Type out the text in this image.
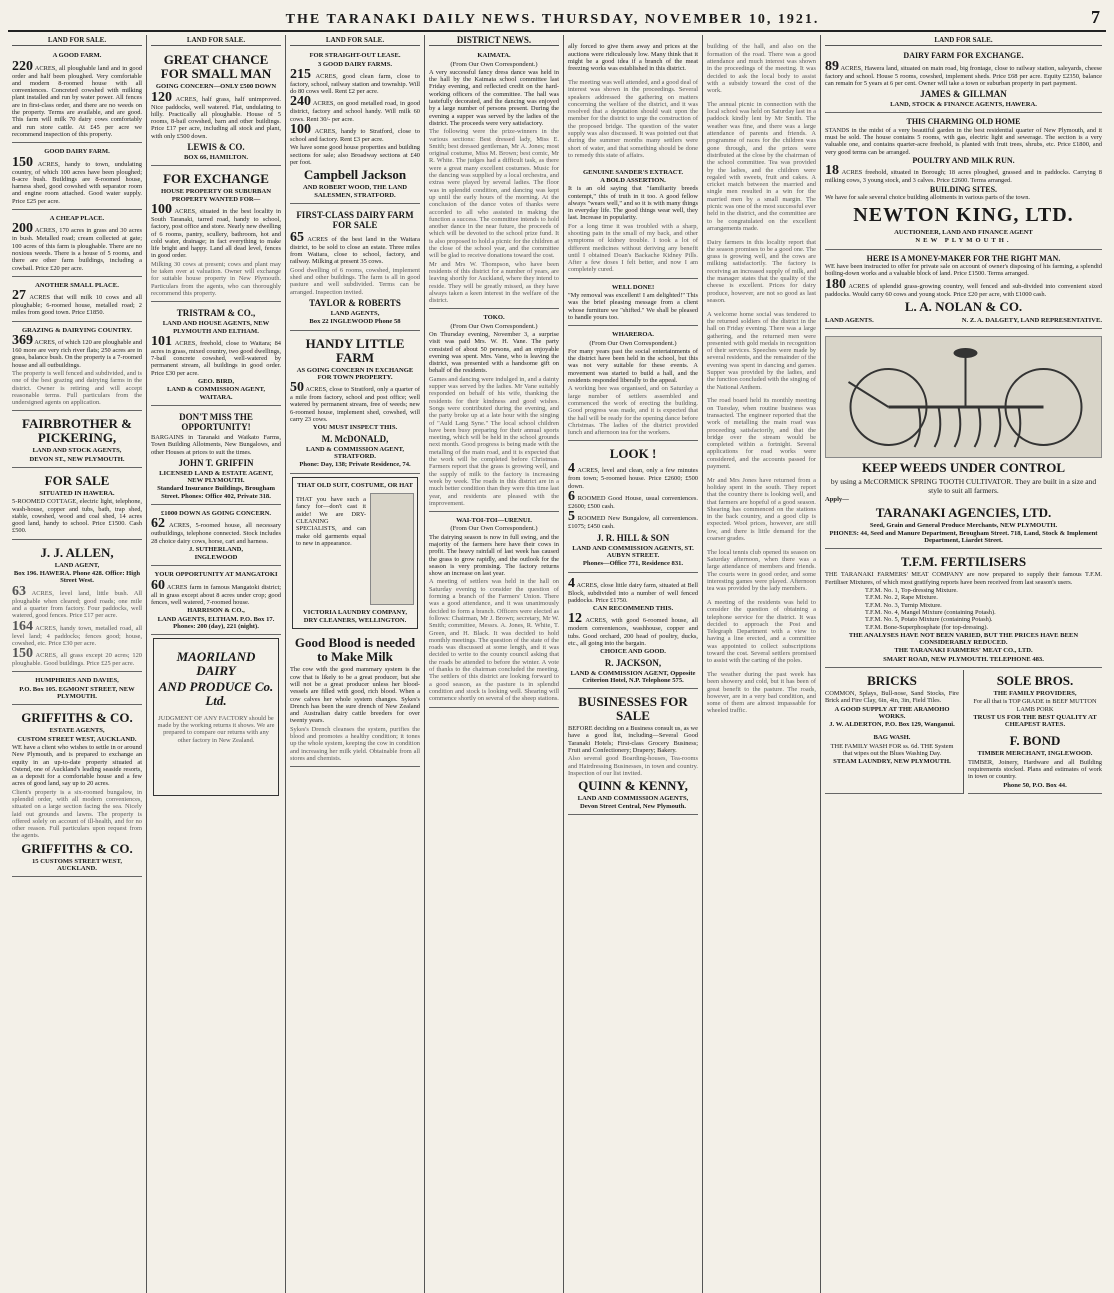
THE TARANAKI DAILY NEWS. THURSDAY, NOVEMBER 10, 1921.	7
LAND FOR SALE.
A GOOD FARM.

220 ACRES, all ploughable land and in good order and half been ploughed. Very comfortable and modern 8-roomed house with all conveniences. Concreted cowshed with milking plant installed and run by water power. All fences are in first-class order, and there are no weeds on the property. Terms are available, and are good. This farm will milk 70 dairy cows comfortably and run store cattle. At £45 per acre we recommend inspection of this property.

GOOD DAIRY FARM.

150 ACRES, handy to town, undulating country, of which 100 acres have been ploughed; 8-acre bush. Buildings are 8-roomed house, harness shed, good cowshed with separator room and engine room attached. Good water supply. Price £25 per acre.

A CHEAP PLACE.

200 ACRES, 170 acres in grass and 30 acres in bush. Metalled road; cream collected at gate; 100 acres of this farm is ploughable. There are no noxious weeds. There is a house of 5 rooms, and there are other farm buildings, including a cowbail. Price £20 per acre.

ANOTHER SMALL PLACE.

27 ACRES that will milk 10 cows and all ploughable; 6-roomed house, metalled road; 2 miles from good town. Price £1850.

GRAZING & DAIRYING COUNTRY.

369 ACRES, of which 120 are ploughable and 160 more are very rich river flats; 250 acres are in grass, balance bush. On the property is a 7-roomed house and all outbuildings.

The property is well fenced and subdivided, and is one of the best grazing and dairying farms in the district. Owner is retiring and will accept reasonable terms. Full particulars from the undersigned agents on application.

FAIRBROTHER & PICKERING,
LAND AND STOCK AGENTS,
DEVON ST., NEW PLYMOUTH.
FOR SALE
SITUATED IN HAWERA.

5-ROOMED COTTAGE, electric light, telephone, wash-house, copper and tubs, bath, trap shed, stable, cowshed, wood and coal shed, 14 acres good land, handy to school. Price £1500. Cash £500.

J. J. ALLEN,
LAND AGENT,
Box 196. HAWERA. Phone 428. Office: High Street West.

63 ACRES, level land, little bush. All ploughable when cleared; good roads; one mile and a quarter from factory. Four paddocks, well watered, good fences. Price £17 per acre.

164 ACRES, handy town, metalled road, all level land; 4 paddocks; fences good; house, cowshed, etc. Price £30 per acre.

150 ACRES, all grass except 20 acres; 120 ploughable. Good buildings. Price £25 per acre.

HUMPHRIES AND DAVIES,
P.O. Box 105. EGMONT STREET, NEW PLYMOUTH.
GRIFFITHS & CO.
ESTATE AGENTS,
CUSTOM STREET WEST, AUCKLAND.

WE have a client who wishes to settle in or around New Plymouth, and is prepared to exchange an equity in an up-to-date property situated at Ostend, one of Auckland's leading seaside resorts, as a deposit for a comfortable house and a few acres of good land, say up to 20 acres.

Client's property is a six-roomed bungalow, in splendid order, with all modern conveniences, situated on a large section facing the sea. Nicely laid out grounds and lawns. The property is offered solely on account of ill-health, and for no other reason. Full particulars upon request from the agents.

GRIFFITHS & CO.
15 CUSTOMS STREET WEST, AUCKLAND.
LAND FOR SALE.
GREAT CHANCE FOR SMALL MAN
GOING CONCERN—ONLY £500 DOWN

120 ACRES, half grass, half unimproved. Nice paddocks, well watered. Flat, undulating to hilly. Practically all ploughable. House of 5 rooms, 8-bail cowshed, barn and other buildings. Price £17 per acre, including all stock and plant, with only £500 down.

LEWIS & CO.
BOX 66, HAMILTON.
FOR EXCHANGE
HOUSE PROPERTY OR SUBURBAN PROPERTY WANTED FOR—

100 ACRES, situated in the best locality in South Taranaki, tarred road, handy to school, factory, post office and store. Nearly new dwelling of 6 rooms, pantry, scullery, bathroom, hot and cold water, drainage; in fact everything to make life bright and happy. Land all dead level, fences in good order.

Milking 30 cows at present; cows and plant may be taken over at valuation. Owner will exchange for suitable house property in New Plymouth. Particulars from the agents, who can thoroughly recommend this property.

TRISTRAM & CO.,
LAND AND HOUSE AGENTS, NEW PLYMOUTH AND ELTHAM.

101 ACRES, freehold, close to Waitara; 84 acres in grass, mixed country, two good dwellings, 7-bail concrete cowshed, well-watered by permanent stream, all buildings in good order. Price £30 per acre.

GEO. BIRD,
LAND & COMMISSION AGENT, WAITARA.
DON'T MISS THE OPPORTUNITY!

BARGAINS in Taranaki and Waikato Farms, Town Building Allotments, New Bungalows, and other Houses at prices to suit the times.

JOHN T. GRIFFIN
LICENSED LAND & ESTATE AGENT, NEW PLYMOUTH.
Standard Insurance Buildings, Brougham Street. Phones: Office 402, Private 318.
£1000 DOWN AS GOING CONCERN.

62 ACRES, 5-roomed house, all necessary outbuildings, telephone connected. Stock includes 28 choice dairy cows, horse, cart and harness.

J. SUTHERLAND,
INGLEWOOD
YOUR OPPORTUNITY AT MANGATOKI

60 ACRES farm in famous Mangatoki district; all in grass except about 8 acres under crop; good fences, well watered, 7-roomed house.

HARRISON & CO.,
LAND AGENTS, ELTHAM. P.O. Box 17. Phones: 200 (day), 221 (night).
MAORILAND DAIRY
AND PRODUCE Co. Ltd.

JUDGMENT OF ANY FACTORY should be made by the working returns it shows. We are prepared to compare our returns with any other factory in New Zealand.

LAND FOR SALE.
FOR STRAIGHT-OUT LEASE.
3 GOOD DAIRY FARMS.

215 ACRES, good clean farm, close to factory, school, railway station and township. Will do 80 cows well. Rent £2 per acre.

240 ACRES, on good metalled road, in good district, factory and school handy. Will milk 60 cows. Rent 30/- per acre.

100 ACRES, handy to Stratford, close to school and factory. Rent £3 per acre.

We have some good house properties and building sections for sale; also Broadway sections at £40 per foot.

Campbell Jackson
AND ROBERT WOOD, THE LAND SALESMEN, STRATFORD.
FIRST-CLASS DAIRY FARM FOR SALE

65 ACRES of the best land in the Waitara district, to be sold to close an estate. Three miles from Waitara, close to school, factory, and railway. Milking at present 35 cows.

Good dwelling of 6 rooms, cowshed, implement shed and other buildings. The farm is all in good pasture and well subdivided. Terms can be arranged. Inspection invited.

TAYLOR & ROBERTS
LAND AGENTS,
Box 22 INGLEWOOD Phone 58
HANDY LITTLE FARM
AS GOING CONCERN IN EXCHANGE FOR TOWN PROPERTY.

50 ACRES, close to Stratford, only a quarter of a mile from factory, school and post office; well watered by permanent stream, free of weeds; new 6-roomed house, implement shed, cowshed, will carry 23 cows.

YOU MUST INSPECT THIS.
M. McDONALD,
LAND & COMMISSION AGENT, STRATFORD.
Phone: Day, 138; Private Residence, 74.
THAT OLD SUIT, COSTUME, OR HAT

THAT you have such a fancy for—don't cast it aside! We are DRY-CLEANING SPECIALISTS, and can make old garments equal to new in appearance.

VICTORIA LAUNDRY COMPANY,
DRY CLEANERS, WELLINGTON.
Good Blood is needed to Make Milk

The cow with the good mammary system is the cow that is likely to be a great producer, but she will not be a great producer unless her blood-vessels are filled with good, rich blood. When a cow calves her whole system changes. Sykes's Drench has been the sure drench of New Zealand and Australian dairy cattle breeders for over twenty years.

Sykes's Drench cleanses the system, purifies the blood and promotes a healthy condition; it tones up the whole system, keeping the cow in condition and increasing her milk yield. Obtainable from all stores and chemists.

DISTRICT NEWS.
KAIMATA.
(From Our Own Correspondent.)

A very successful fancy dress dance was held in the hall by the Kaimata school committee last Friday evening, and reflected credit on the hard-working officers of the committee. The hall was tastefully decorated, and the dancing was enjoyed by a large number of persons present. During the evening a supper was served by the ladies of the district. The proceeds were very satisfactory.

The following were the prize-winners in the various sections: Best dressed lady, Miss E. Smith; best dressed gentleman, Mr A. Jones; most original costume, Miss M. Brown; best comic, Mr R. White. The judges had a difficult task, as there were a great many excellent costumes. Music for the dancing was supplied by a local orchestra, and extras were played by several ladies. The floor was in splendid condition, and dancing was kept up until the early hours of the morning. At the conclusion of the dance votes of thanks were accorded to all who assisted in making the function a success. The committee intends to hold another dance in the near future, the proceeds of which will be devoted to the school prize fund. It is also proposed to hold a picnic for the children at the close of the school year, and the committee will be glad to receive donations toward the cost.

Mr and Mrs W. Thompson, who have been residents of this district for a number of years, are leaving shortly for Auckland, where they intend to reside. They will be greatly missed, as they have always taken a keen interest in the welfare of the district.

TOKO.
(From Our Own Correspondent.)

On Thursday evening, November 3, a surprise visit was paid Mrs. W. H. Vane. The party consisted of about 50 persons, and an enjoyable evening was spent. Mrs. Vane, who is leaving the district, was presented with a handsome gift on behalf of the residents.

Games and dancing were indulged in, and a dainty supper was served by the ladies. Mr Vane suitably responded on behalf of his wife, thanking the residents for their kindness and good wishes. Songs were contributed during the evening, and the party broke up at a late hour with the singing of "Auld Lang Syne." The local school children have been busy preparing for their annual sports meeting, which will be held in the school grounds next month. Good progress is being made with the metalling of the main road, and it is expected that the work will be completed before Christmas. Farmers report that the grass is growing well, and the supply of milk to the factory is increasing week by week. The roads in this district are in a much better condition than they were this time last year, and residents are pleased with the improvement.

WAI-TOI-TOI—URENUI.
(From Our Own Correspondent.)

The dairying season is now in full swing, and the majority of the farmers here have their cows in profit. The heavy rainfall of last week has caused the grass to grow rapidly, and the outlook for the season is very promising. The factory returns show an increase on last year.

A meeting of settlers was held in the hall on Saturday evening to consider the question of forming a branch of the Farmers' Union. There was a good attendance, and it was unanimously decided to form a branch. Officers were elected as follows: Chairman, Mr J. Brown; secretary, Mr W. Smith; committee, Messrs. A. Jones, R. White, T. Green, and H. Black. It was decided to hold monthly meetings. The question of the state of the roads was discussed at some length, and it was decided to write to the county council asking that the roads be attended to before the winter. A vote of thanks to the chairman concluded the meeting. The settlers of this district are looking forward to a good season, as the pasture is in splendid condition and stock is looking well. Shearing will commence shortly on several of the sheep stations.

ally forced to give them away and prices at the auctions were ridiculously low. Many think that it might be a good idea if a branch of the meat freezing works was established in this district.

The meeting was well attended, and a good deal of interest was shown in the proceedings. Several speakers addressed the gathering on matters concerning the welfare of the district, and it was resolved that a deputation should wait upon the member for the district to urge the construction of the proposed bridge. The question of the water supply was also discussed. It was pointed out that during the summer months many settlers were short of water, and that something should be done to remedy this state of affairs.

GENUINE SANDER'S EXTRACT.
A BOLD ASSERTION.

It is an old saying that "familiarity breeds contempt," this of truth in it too. A good fellow always "wears well," and so it is with many things in everyday life. The good things wear well, they last. Increase in popularity.

For a long time it was troubled with a sharp, shooting pain in the small of my back, and other symptoms of kidney trouble. I took a lot of different medicines without deriving any benefit until I obtained Doan's Backache Kidney Pills. After a few doses I felt better, and now I am completely cured.

WELL DONE!

"My removal was excellent! I am delighted!" This was the brief pleasing message from a client whose furniture we "shifted." We shall be pleased to handle yours too.

WHAREROA.
(From Our Own Correspondent.)

For many years past the social entertainments of the district have been held in the school, but this was not very suitable for these events. A movement was started to build a hall, and the residents responded liberally to the appeal.

A working bee was organised, and on Saturday a large number of settlers assembled and commenced the work of erecting the building. Good progress was made, and it is expected that the hall will be ready for the opening dance before Christmas. The ladies of the district provided lunch and afternoon tea for the workers.

LOOK !

4 ACRES, level and clean, only a few minutes from town; 5-roomed house. Price £2600; £500 down.

6 ROOMED Good House, usual conveniences. £2600; £500 cash.

5 ROOMED New Bungalow, all conveniences. £1075; £450 cash.

J. R. HILL & SON
LAND AND COMMISSION AGENTS, ST. AUBYN STREET.
Phones—Office 771, Residence 831.

4 ACRES, close little dairy farm, situated at Bell Block, subdivided into a number of well fenced paddocks. Price £1750.

CAN RECOMMEND THIS.

12 ACRES, with good 6-roomed house, all modern conveniences, washhouse, copper and tubs. Good orchard, 200 head of poultry, ducks, etc., all going into the bargain.

CHOICE AND GOOD.
R. JACKSON,
LAND & COMMISSION AGENT, Opposite Criterion Hotel, N.P. Telephone 575.
BUSINESSES FOR SALE

BEFORE deciding on a Business consult us, as we have a good list, including—Several Good Taranaki Hotels; First-class Grocery Business; Fruit and Confectionery; Drapery; Bakery.

Also several good Boarding-houses, Tea-rooms and Hairdressing Businesses, in town and country. Inspection of our list invited.

QUINN & KENNY,
LAND AND COMMISSION AGENTS, Devon Street Central, New Plymouth.

building of the hall, and also on the formation of the road. There was a good attendance and much interest was shown in the proceedings of the meeting. It was decided to ask the local body to assist with a subsidy toward the cost of the work.

The annual picnic in connection with the local school was held on Saturday last in a paddock kindly lent by Mr Smith. The weather was fine, and there was a large attendance of parents and friends. A programme of races for the children was gone through, and the prizes were distributed at the close by the chairman of the school committee. Tea was provided by the ladies, and the children were regaled with sweets, fruit and cakes. A cricket match between the married and single men resulted in a win for the married men by a small margin. The picnic was one of the most successful ever held in the district, and the committee are to be congratulated on the excellent arrangements made.

Dairy farmers in this locality report that the season promises to be a good one. The grass is growing well, and the cows are milking satisfactorily. The factory is receiving an increased supply of milk, and the manager states that the quality of the cheese is excellent. Prices for dairy produce, however, are not so good as last season.

A welcome home social was tendered to the returned soldiers of the district in the hall on Friday evening. There was a large gathering, and the returned men were presented with gold medals in recognition of their services. Speeches were made by several residents, and the remainder of the evening was spent in dancing and games. Supper was provided by the ladies, and the function concluded with the singing of the National Anthem.

The road board held its monthly meeting on Tuesday, when routine business was transacted. The engineer reported that the work of metalling the main road was proceeding satisfactorily, and that the bridge over the stream would be completed within a fortnight. Several applications for road works were considered, and the accounts passed for payment.

Mr and Mrs Jones have returned from a holiday spent in the south. They report that the country there is looking well, and that farmers are hopeful of a good season. Shearing has commenced on the stations in the back country, and a good clip is expected. Wool prices, however, are still low, and there is little demand for the coarser grades.

The local tennis club opened its season on Saturday afternoon, when there was a large attendance of members and friends. The courts were in good order, and some interesting games were played. Afternoon tea was provided by the lady members.

A meeting of the residents was held to consider the question of obtaining a telephone service for the district. It was decided to approach the Post and Telegraph Department with a view to having a line erected, and a committee was appointed to collect subscriptions toward the cost. Several settlers promised to assist with the carting of the poles.

The weather during the past week has been showery and cold, but it has been of great benefit to the pasture. The roads, however, are in a very bad condition, and some of them are almost impassable for wheeled traffic.

LAND FOR SALE.
DAIRY FARM FOR EXCHANGE.

89 ACRES, Hawera land, situated on main road, big frontage, close to railway station, saleyards, cheese factory and school. House 5 rooms, cowshed, implement sheds. Price £68 per acre. Equity £2350, balance can remain for 5 years at 6 per cent. Owner will take a town or suburban property in part payment.

JAMES & GILLMAN
LAND, STOCK & FINANCE AGENTS, HAWERA.
THIS CHARMING OLD HOME

STANDS in the midst of a very beautiful garden in the best residential quarter of New Plymouth, and it must be sold. The house contains 5 rooms, with gas, electric light and sewerage. The section is a very valuable one, and contains quarter-acre freehold, is planted with fruit trees, shrubs, etc. Price £1800, and very good terms can be arranged.

POULTRY AND MILK RUN.

18 ACRES freehold, situated in Borough; 18 acres ploughed, grassed and in paddocks. Carrying 8 milking cows, 3 young stock, and 3 calves. Price £2600. Terms arranged.

BUILDING SITES.

We have for sale several choice building allotments in various parts of the town.

NEWTON KING, LTD.
AUCTIONEER, LAND AND FINANCE AGENT
NEW PLYMOUTH.
HERE IS A MONEY-MAKER FOR THE RIGHT MAN.

WE have been instructed to offer for private sale on account of owner's disposing of his farming, a splendid boiling-down works and a valuable block of land. Price £1500. Terms arranged.

180 ACRES of splendid grass-growing country, well fenced and sub-divided into convenient sized paddocks. Would carry 60 cows and young stock. Price £20 per acre, with £1000 cash.

L. A. NOLAN & CO.
LAND AGENTS.	N. Z. A. DALGETY, LAND REPRESENTATIVE.
KEEP WEEDS UNDER CONTROL

by using a McCORMICK SPRING TOOTH CULTIVATOR. They are built in a size and style to suit all farmers.

Apply—
TARANAKI AGENCIES, LTD.
Seed, Grain and General Produce Merchants, NEW PLYMOUTH.
PHONES: 44, Seed and Manure Department, Brougham Street. 718, Land, Stock & Implement Department, Liardet Street.
T.F.M. FERTILISERS

THE TARANAKI FARMERS' MEAT COMPANY are now prepared to supply their famous T.F.M. Fertiliser Mixtures, of which most gratifying reports have been received from last season's users.

T.F.M. No. 1, Top-dressing Mixture.
T.F.M. No. 2, Rape Mixture.
T.F.M. No. 3, Turnip Mixture.
T.F.M. No. 4, Mangel Mixture (containing Potash).
T.F.M. No. 5, Potato Mixture (containing Potash).
T.F.M. Bone-Superphosphate (for top-dressing).
THE ANALYSES HAVE NOT BEEN VARIED, BUT THE PRICES HAVE BEEN CONSIDERABLY REDUCED.
THE TARANAKI FARMERS' MEAT CO., LTD.
SMART ROAD, NEW PLYMOUTH. TELEPHONE 483.
BRICKS

COMMON, Splays, Bull-nose, Sand Stocks, Fire Brick and Fire Clay, 6in, 4in, 3in, Field Tiles.

A GOOD SUPPLY AT THE ARAMOHO WORKS.
J. W. ALDERTON, P.O. Box 129, Wanganui.
BAG WASH.

THE FAMILY WASH FOR ss. 6d. THE System that wipes out the Blues Washing Day.

STEAM LAUNDRY, NEW PLYMOUTH.
SOLE BROS.
THE FAMILY PROVIDERS,

For all that is TOP GRADE in BEEF MUTTON LAMB PORK

TRUST US FOR THE BEST QUALITY AT CHEAPEST RATES.
F. BOND
TIMBER MERCHANT, INGLEWOOD.

TIMBER, Joinery, Hardware and all Building requirements stocked. Plans and estimates of work in town or country.

Phone 50, P.O. Box 44.
